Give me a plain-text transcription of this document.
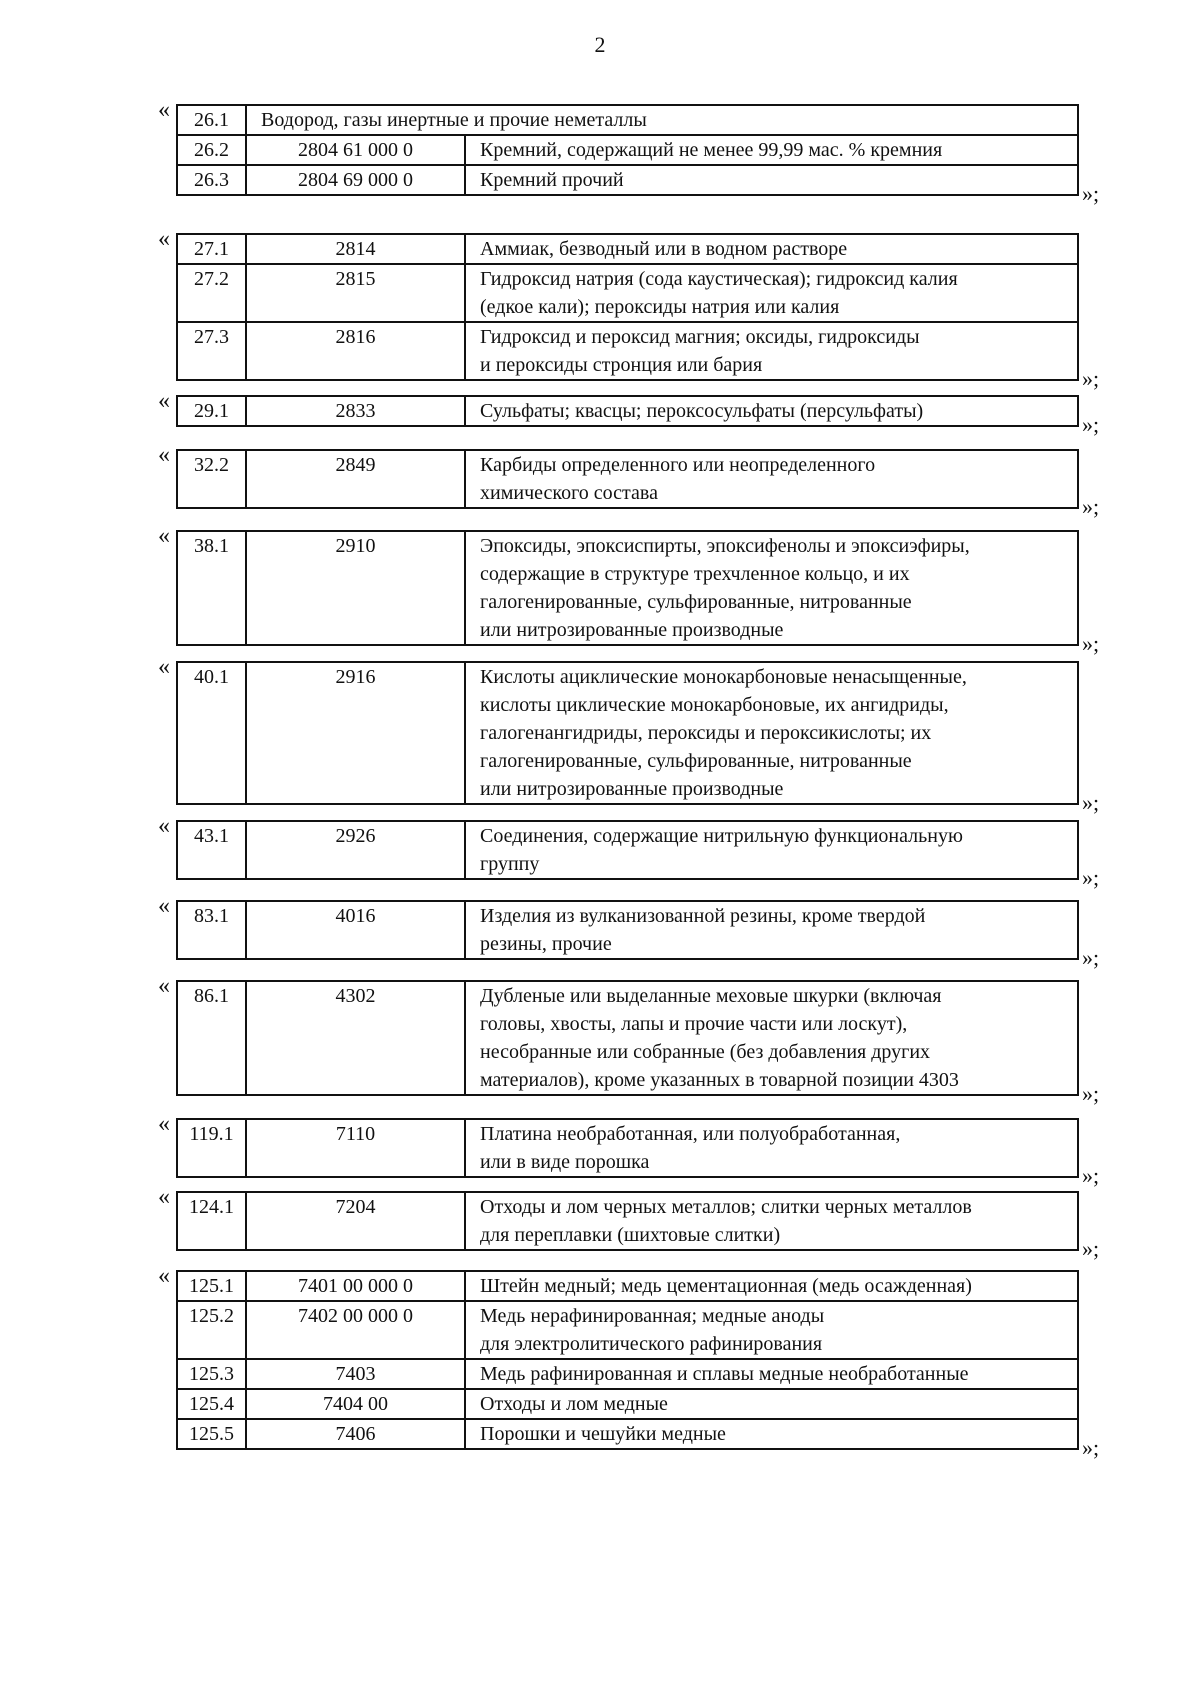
2
« 26.1	Водород, газы инертные и прочие неметаллы	
26.2	2804 61 000 0	Кремний, содержащий не менее 99,99 мас. % кремния
26.3	2804 69 000 0	Кремний прочий
»;
« 27.1	2814	Аммиак, безводный или в водном растворе
27.2	2815	Гидроксид натрия (сода каустическая); гидроксид калия
(едкое кали); пероксиды натрия или калия
27.3	2816	Гидроксид и пероксид магния; оксиды, гидроксиды
и пероксиды стронция или бария
»;
« 29.1	2833	Сульфаты; квасцы; пероксосульфаты (персульфаты)
»;
« 32.2	2849	Карбиды определенного или неопределенного
химического состава
»;
« 38.1	2910	Эпоксиды, эпоксиспирты, эпоксифенолы и эпоксиэфиры,
содержащие в структуре трехчленное кольцо, и их
галогенированные, сульфированные, нитрованные
или нитрозированные производные
»;
« 40.1	2916	Кислоты ациклические монокарбоновые ненасыщенные,
кислоты циклические монокарбоновые, их ангидриды,
галогенангидриды, пероксиды и пероксикислоты; их
галогенированные, сульфированные, нитрованные
или нитрозированные производные
»;
« 43.1	2926	Соединения, содержащие нитрильную функциональную
группу
»;
« 83.1	4016	Изделия из вулканизованной резины, кроме твердой
резины, прочие
»;
« 86.1	4302	Дубленые или выделанные меховые шкурки (включая
головы, хвосты, лапы и прочие части или лоскут),
несобранные или собранные (без добавления других
материалов), кроме указанных в товарной позиции 4303
»;
« 119.1	7110	Платина необработанная, или полуобработанная,
или в виде порошка
»;
« 124.1	7204	Отходы и лом черных металлов; слитки черных металлов
для переплавки (шихтовые слитки)
»;
« 125.1	7401 00 000 0	Штейн медный; медь цементационная (медь осажденная)
125.2	7402 00 000 0	Медь нерафинированная; медные аноды
для электролитического рафинирования
125.3	7403	Медь рафинированная и сплавы медные необработанные
125.4	7404 00	Отходы и лом медные
125.5	7406	Порошки и чешуйки медные
»;
